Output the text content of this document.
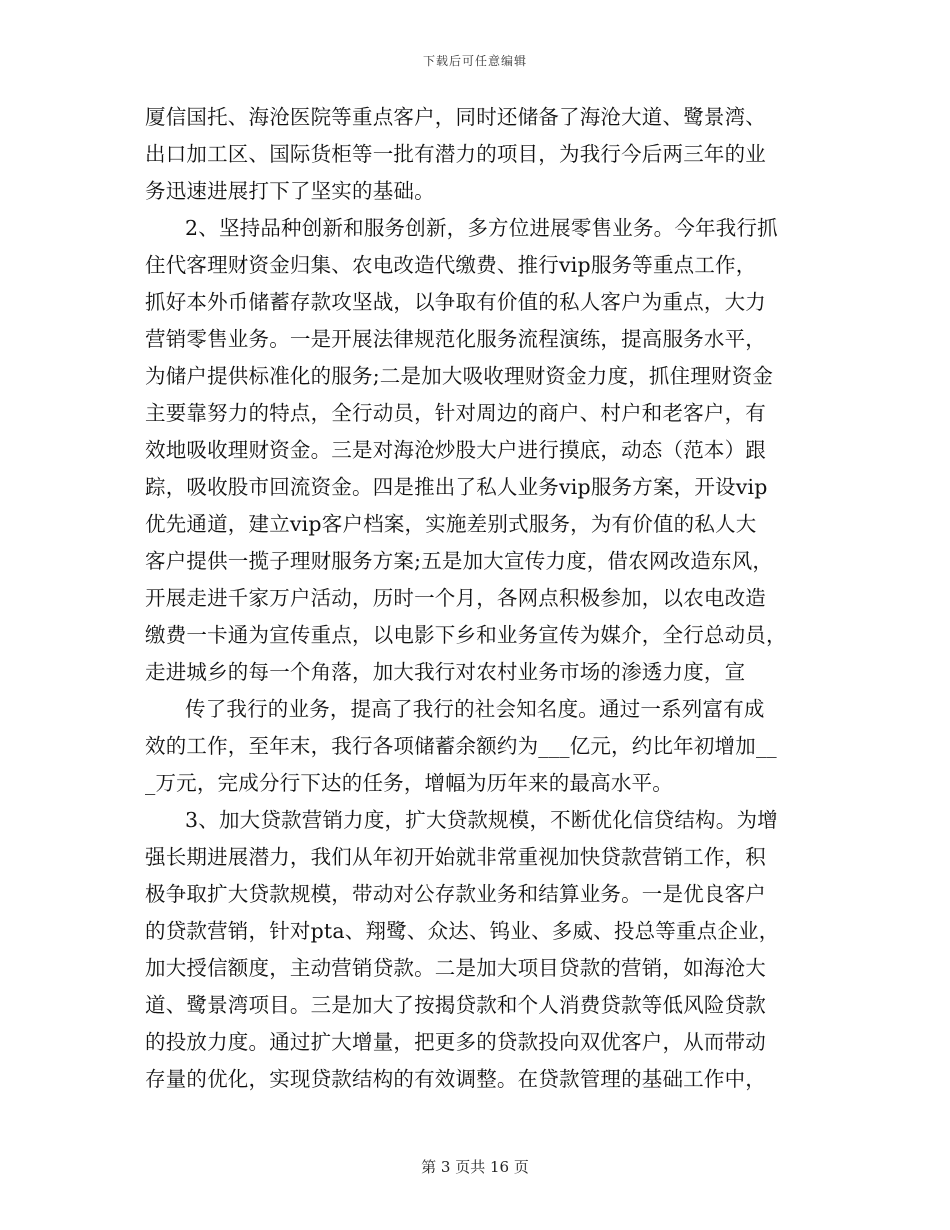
下载后可任意编辑
厦信国托、海沧医院等重点客户，同时还储备了海沧大道、鹭景湾、
出口加工区、国际货柜等一批有潜力的项目，为我行今后两三年的业
务迅速进展打下了坚实的基础。
2、坚持品种创新和服务创新，多方位进展零售业务。今年我行抓
住代客理财资金归集、农电改造代缴费、推行vip服务等重点工作，
抓好本外币储蓄存款攻坚战，以争取有价值的私人客户为重点，大力
营销零售业务。一是开展法律规范化服务流程演练，提高服务水平，
为储户提供标准化的服务;二是加大吸收理财资金力度，抓住理财资金
主要靠努力的特点，全行动员，针对周边的商户、村户和老客户，有
效地吸收理财资金。三是对海沧炒股大户进行摸底，动态（范本）跟
踪，吸收股市回流资金。四是推出了私人业务vip服务方案，开设vip
优先通道，建立vip客户档案，实施差别式服务，为有价值的私人大
客户提供一揽子理财服务方案;五是加大宣传力度，借农网改造东风，
开展走进千家万户活动，历时一个月，各网点积极参加，以农电改造
缴费一卡通为宣传重点，以电影下乡和业务宣传为媒介，全行总动员，
走进城乡的每一个角落，加大我行对农村业务市场的渗透力度，宣
传了我行的业务，提高了我行的社会知名度。通过一系列富有成
效的工作，至年末，我行各项储蓄余额约为___亿元，约比年初增加__
_万元，完成分行下达的任务，增幅为历年来的最高水平。
3、加大贷款营销力度，扩大贷款规模，不断优化信贷结构。为增
强长期进展潜力，我们从年初开始就非常重视加快贷款营销工作，积
极争取扩大贷款规模，带动对公存款业务和结算业务。一是优良客户
的贷款营销，针对pta、翔鹭、众达、钨业、多威、投总等重点企业，
加大授信额度，主动营销贷款。二是加大项目贷款的营销，如海沧大
道、鹭景湾项目。三是加大了按揭贷款和个人消费贷款等低风险贷款
的投放力度。通过扩大增量，把更多的贷款投向双优客户，从而带动
存量的优化，实现贷款结构的有效调整。在贷款管理的基础工作中，
第 3 页共 16 页
